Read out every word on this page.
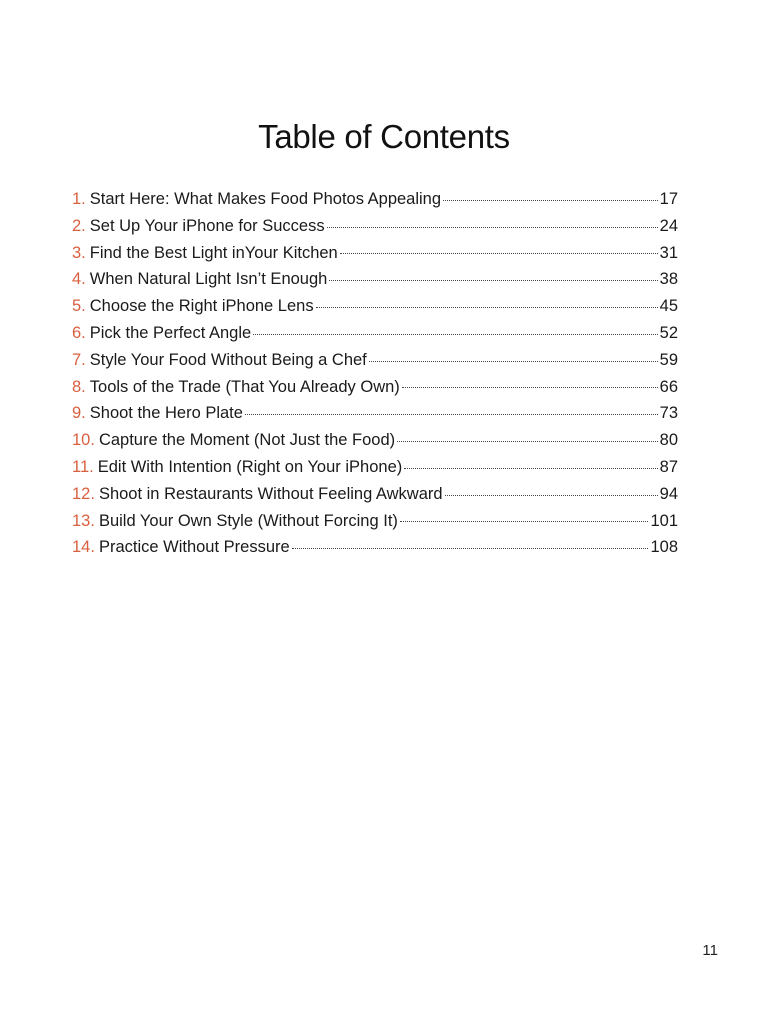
Table of Contents
1. Start Here: What Makes Food Photos Appealing	17
2. Set Up Your iPhone for Success	24
3. Find the Best Light inYour Kitchen	31
4. When Natural Light Isn’t Enough	38
5. Choose the Right iPhone Lens	45
6. Pick the Perfect Angle	52
7. Style Your Food Without Being a Chef	59
8. Tools of the Trade (That You Already Own)	66
9. Shoot the Hero Plate	73
10. Capture the Moment (Not Just the Food)	80
11. Edit With Intention (Right on Your iPhone)	87
12. Shoot in Restaurants Without Feeling Awkward	94
13. Build Your Own Style (Without Forcing It)	101
14. Practice Without Pressure	108
11
